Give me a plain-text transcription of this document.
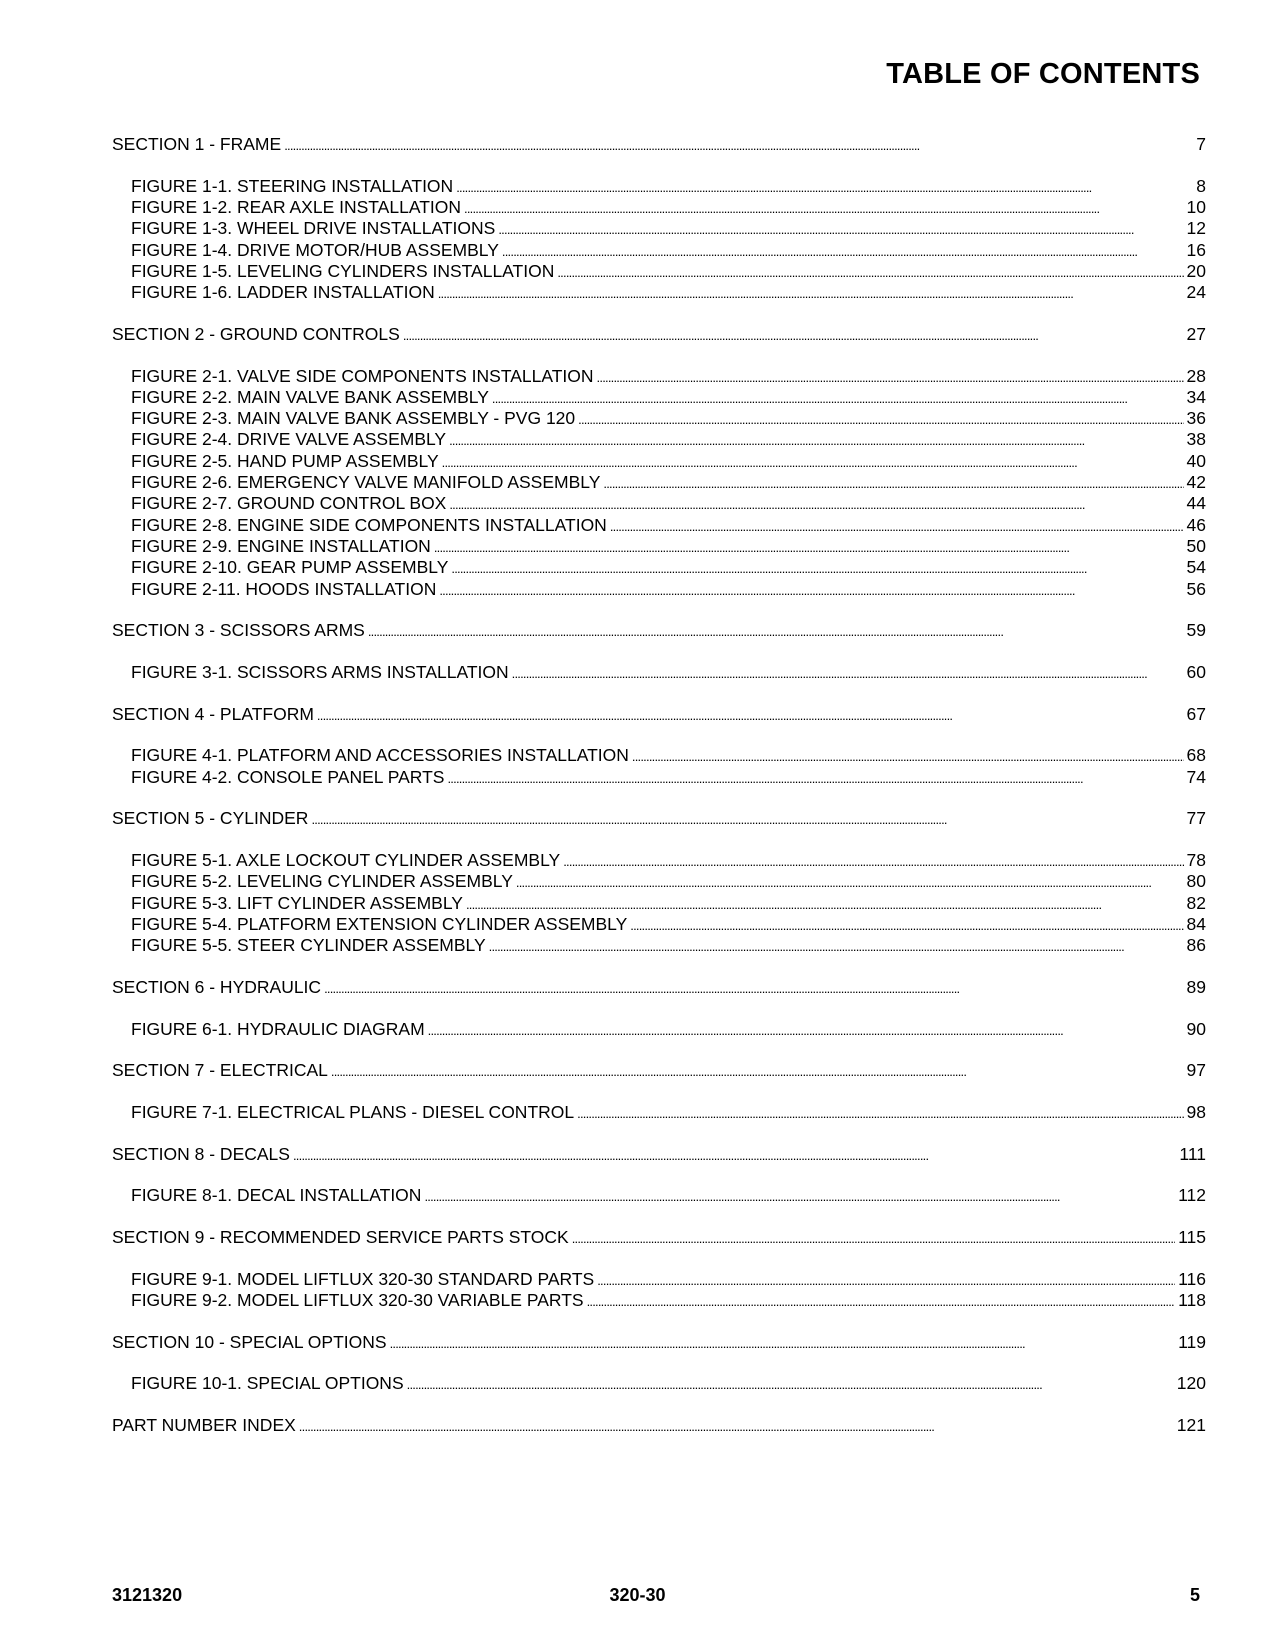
TABLE OF CONTENTS
SECTION 1 - FRAME . . .	7
FIGURE 1-1. STEERING INSTALLATION . . .	8
FIGURE 1-2. REAR AXLE INSTALLATION . . .	10
FIGURE 1-3. WHEEL DRIVE INSTALLATIONS . . .	12
FIGURE 1-4. DRIVE MOTOR/HUB ASSEMBLY . . .	16
FIGURE 1-5. LEVELING CYLINDERS INSTALLATION . . .	20
FIGURE 1-6. LADDER INSTALLATION . . .	24
SECTION 2 - GROUND CONTROLS . . .	27
FIGURE 2-1. VALVE SIDE COMPONENTS INSTALLATION . . .	28
FIGURE 2-2. MAIN VALVE BANK ASSEMBLY . . .	34
FIGURE 2-3. MAIN VALVE BANK ASSEMBLY - PVG 120 . . .	36
FIGURE 2-4. DRIVE VALVE ASSEMBLY . . .	38
FIGURE 2-5. HAND PUMP ASSEMBLY . . .	40
FIGURE 2-6. EMERGENCY VALVE MANIFOLD ASSEMBLY . . .	42
FIGURE 2-7. GROUND CONTROL BOX . . .	44
FIGURE 2-8. ENGINE SIDE COMPONENTS INSTALLATION . . .	46
FIGURE 2-9. ENGINE INSTALLATION . . .	50
FIGURE 2-10. GEAR PUMP ASSEMBLY . . .	54
FIGURE 2-11. HOODS INSTALLATION . . .	56
SECTION 3 - SCISSORS ARMS . . .	59
FIGURE 3-1. SCISSORS ARMS INSTALLATION . . .	60
SECTION 4 - PLATFORM . . .	67
FIGURE 4-1. PLATFORM AND ACCESSORIES INSTALLATION . . .	68
FIGURE 4-2. CONSOLE PANEL PARTS . . .	74
SECTION 5 - CYLINDER . . .	77
FIGURE 5-1. AXLE LOCKOUT CYLINDER ASSEMBLY . . .	78
FIGURE 5-2. LEVELING CYLINDER ASSEMBLY . . .	80
FIGURE 5-3. LIFT CYLINDER ASSEMBLY . . .	82
FIGURE 5-4. PLATFORM EXTENSION CYLINDER ASSEMBLY . . .	84
FIGURE 5-5. STEER CYLINDER ASSEMBLY . . .	86
SECTION 6 - HYDRAULIC . . .	89
FIGURE 6-1. HYDRAULIC DIAGRAM . . .	90
SECTION 7 - ELECTRICAL . . .	97
FIGURE 7-1. ELECTRICAL PLANS - DIESEL CONTROL . . .	98
SECTION 8 - DECALS . . .	111
FIGURE 8-1. DECAL INSTALLATION . . .	112
SECTION 9 - RECOMMENDED SERVICE PARTS STOCK . . .	115
FIGURE 9-1. MODEL LIFTLUX 320-30 STANDARD PARTS . . .	116
FIGURE 9-2. MODEL LIFTLUX 320-30 VARIABLE PARTS . . .	118
SECTION 10 - SPECIAL OPTIONS . . .	119
FIGURE 10-1. SPECIAL OPTIONS . . .	120
PART NUMBER INDEX . . .	121
3121320	320-30	5
